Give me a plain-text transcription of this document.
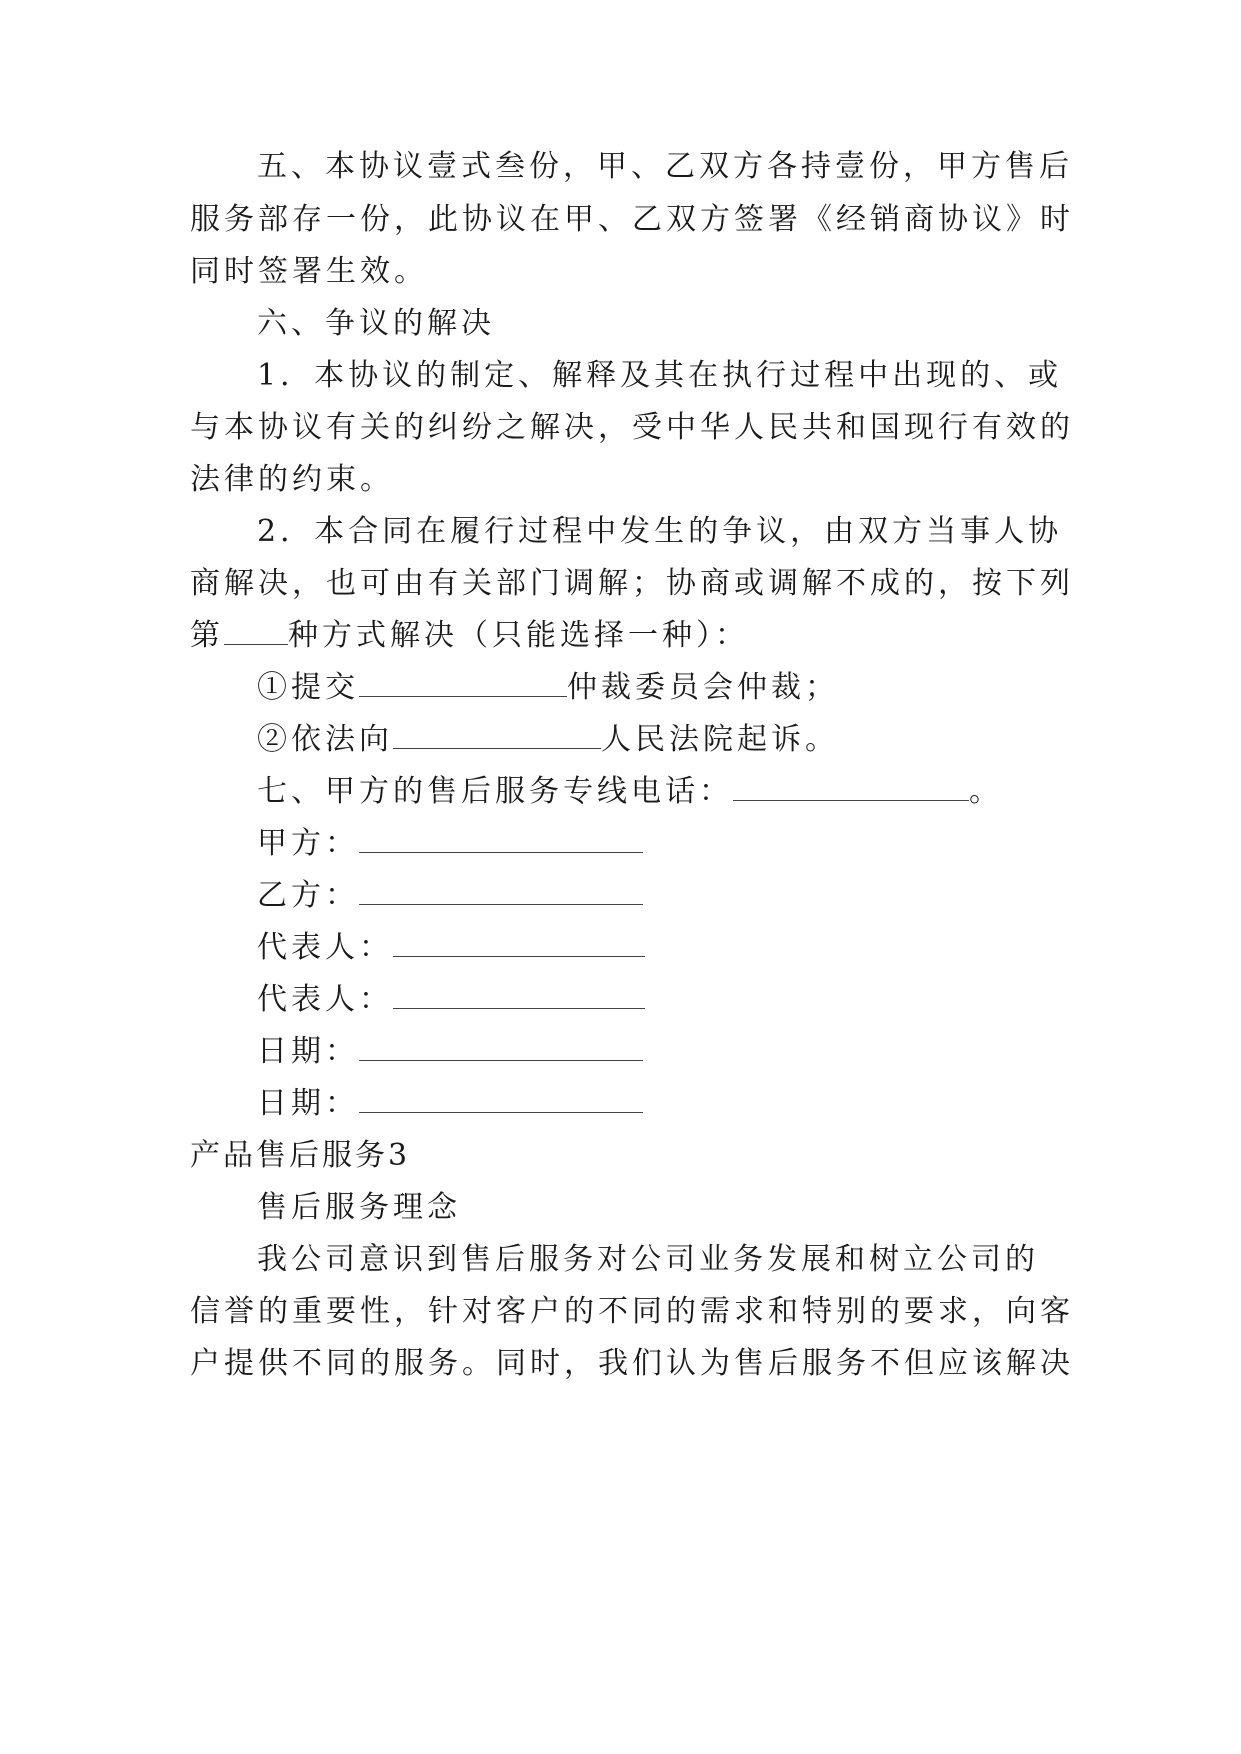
五、本协议壹式叁份，甲、乙双方各持壹份，甲方售后
服务部存一份，此协议在甲、乙双方签署《经销商协议》时
同时签署生效。
六、争议的解决
1．本协议的制定、解释及其在执行过程中出现的、或
与本协议有关的纠纷之解决，受中华人民共和国现行有效的
法律的约束。
2．本合同在履行过程中发生的争议，由双方当事人协
商解决，也可由有关部门调解；协商或调解不成的，按下列
第 种方式解决（只能选择一种）：
①提交	仲裁委员会仲裁；
②依法向	人民法院起诉。
七、甲方的售后服务专线电话：	。
甲方：
乙方：
代表人：
代表人：
日期：
日期：
产品售后服务3
售后服务理念
我公司意识到售后服务对公司业务发展和树立公司的
信誉的重要性，针对客户的不同的需求和特别的要求，向客
户提供不同的服务。同时，我们认为售后服务不但应该解决
